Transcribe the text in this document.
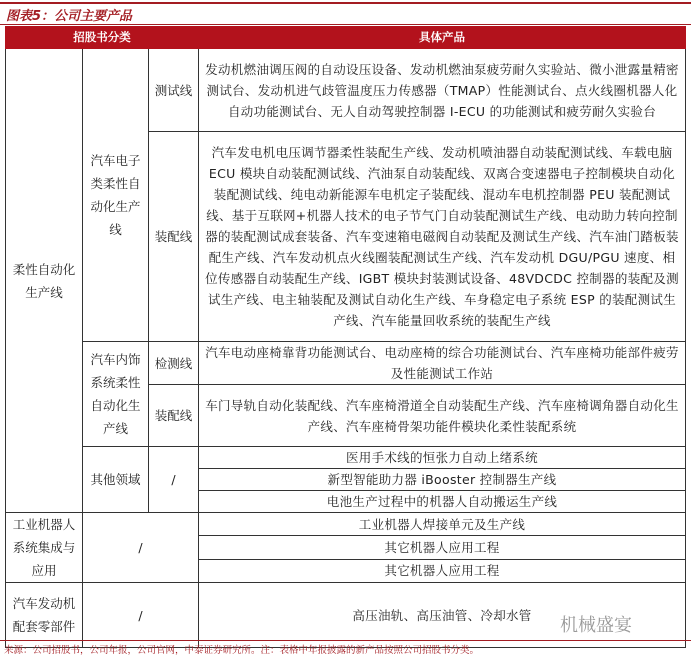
图表5：公司主要产品
招股书分类			具体产品
柔性自动化生产线	汽车电子类柔性自动化生产线	测试线	发动机燃油调压阀的自动设压设备、发动机燃油泵疲劳耐久实验站、微小泄露量精密测试台、发动机进气歧管温度压力传感器（TMAP）性能测试台、点火线圈机器人化自动功能测试台、无人自动驾驶控制器 I-ECU 的功能测试和疲劳耐久实验台
		装配线	汽车发电机电压调节器柔性装配生产线、发动机喷油器自动装配测试线、车载电脑 ECU 模块自动装配测试线、汽油泵自动装配线、双离合变速器电子控制模块自动化装配测试线、纯电动新能源车电机定子装配线、混动车电机控制器 PEU 装配测试线、基于互联网+机器人技术的电子节气门自动装配测试生产线、电动助力转向控制器的装配测试成套装备、汽车变速箱电磁阀自动装配及测试生产线、汽车油门踏板装配生产线、汽车发动机点火线圈装配测试生产线、汽车发动机 DGU/PGU 速度、相位传感器自动装配生产线、IGBT 模块封装测试设备、48VDCDC 控制器的装配及测试生产线、电主轴装配及测试自动化生产线、车身稳定电子系统 ESP 的装配测试生产线、汽车能量回收系统的装配生产线
	汽车内饰系统柔性自动化生产线	检测线	汽车电动座椅靠背功能测试台、电动座椅的综合功能测试台、汽车座椅功能部件疲劳及性能测试工作站
		装配线	车门导轨自动化装配线、汽车座椅滑道全自动装配生产线、汽车座椅调角器自动化生产线、汽车座椅骨架功能件模块化柔性装配系统
	其他领域	/	医用手术线的恒张力自动上绪系统
			新型智能助力器 iBooster 控制器生产线
			电池生产过程中的机器人自动搬运生产线
工业机器人系统集成与应用	/		工业机器人焊接单元及生产线
			其它机器人应用工程
			其它机器人应用工程
汽车发动机配套零部件	/		高压油轨、高压油管、冷却水管 机械盛宴
来源：公司招股书，公司年报，公司官网，中泰证券研究所。注：表格中年报披露的新产品按照公司招股书分类。
